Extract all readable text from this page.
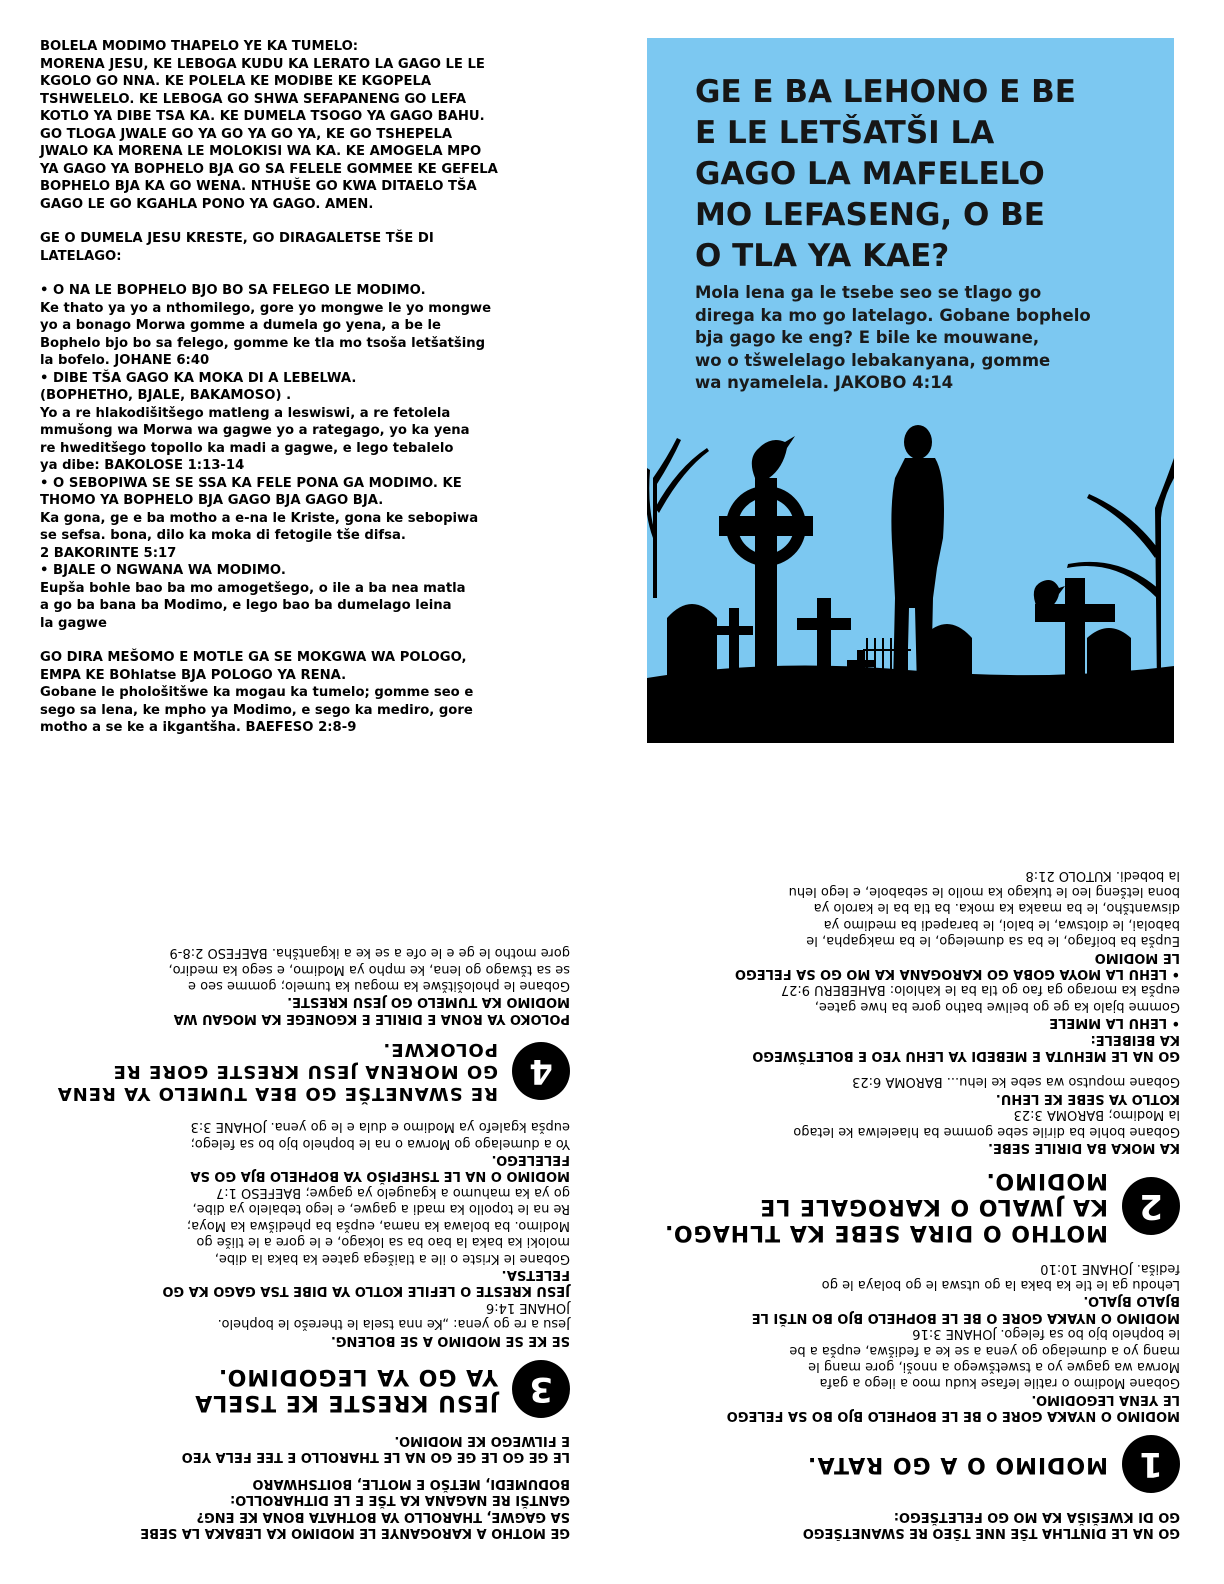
BOLELA MODIMO THAPELO YE KA TUMELO:

MORENA JESU, KE LEBOGA KUDU KA LERATO LA GAGO LE LE
KGOLO GO NNA. KE POLELA KE MODIBE KE KGOPELA
TSHWELELO. KE LEBOGA GO SHWA SEFAPANENG GO LEFA
KOTLO YA DIBE TSA KA. KE DUMELA TSOGO YA GAGO BAHU.
GO TLOGA JWALE GO YA GO YA GO YA, KE GO TSHEPELA
JWALO KA MORENA LE MOLOKISI WA KA. KE AMOGELA MPO
YA GAGO YA BOPHELO BJA GO SA FELELE GOMMEE KE GEFELA
BOPHELO BJA KA GO WENA. NTHUŠE GO KWA DITAELO TŠA
GAGO LE GO KGAHLA PONO YA GAGO. AMEN.

GE O DUMELA JESU KRESTE, GO DIRAGALETSE TŠE DI
LATELAGO:

• O NA LE BOPHELO BJO BO SA FELEGO LE MODIMO.

Ke thato ya yo a nthomilego, gore yo mongwe le yo mongwe
yo a bonago Morwa gomme a dumela go yena, a be le
Bophelo bjo bo sa felego, gomme ke tla mo tsoša letšatšing
la bofelo. JOHANE 6:40

• DIBE TŠA GAGO KA MOKA DI A LEBELWA.
(BOPHETHO, BJALE, BAKAMOSO) .

Yo a re hlakodišitšego matleng a leswiswi, a re fetolela
mmušong wa Morwa wa gagwe yo a rategago, yo ka yena
re hweditšego topollo ka madi a gagwe, e lego tebalelo
ya dibe: BAKOLOSE 1:13-14

• O SEBOPIWA SE SE SSA KA FELE PONA GA MODIMO. KE
THOMO YA BOPHELO BJA GAGO BJA GAGO BJA.

Ka gona, ge e ba motho a e-na le Kriste, gona ke sebopiwa
se sefsa. bona, dilo ka moka di fetogile tše difsa.
2 BAKORINTE 5:17

• BJALE O NGWANA WA MODIMO.

Eupša bohle bao ba mo amogetšego, o ile a ba nea matla
a go ba bana ba Modimo, e lego bao ba dumelago leina
la gagwe

GO DIRA MEŠOMO E MOTLE GA SE MOKGWA WA POLOGO,
EMPA KE BOhlatse BJA POLOGO YA RENA.

Gobane le phološitšwe ka mogau ka tumelo; gomme seo e
sego sa lena, ke mpho ya Modimo, e sego ka mediro, gore
motho a se ke a ikgantšha. BAEFESO 2:8-9

GE E BA LEHONO E BE
E LE LETŠATŠI LA
GAGO LA MAFELELO
MO LEFASENG, O BE
O TLA YA KAE?
Mola lena ga le tsebe seo se tlago go
direga ka mo go latelago. Gobane bophelo
bja gago ke eng? E bile ke mouwane,
wo o tšwelelago lebakanyana, gomme
wa nyamelela. JAKOBO 4:14

GO NA LE DINTLHA TŠE NNE TŠEO RE SWANETŠEGO
GO DI KWEŠIŠA KA MO GO FELETŠEGO:

1
MODIMO O A GO RATA.

MODIMO O NYAKA GORE O BE LE BOPHELO BJO BO SA FELEGO
LE YENA LEGODIMO.

Gobane Modimo o ratile lefase kudu moo a ilego a gafa
Morwa wa gagwe yo a tswetšwego a nnoši, gore mang le
mang yo a dumelago go yena a se ke a fedišwa, eupša a be
le bophelo bjo bo sa felego. JOHANE 3:16

MODIMO O NYAKA GORE O BE LE BOPHELO BJO BO NTŠI LE
BJALO BJALO.

Lehodu ga le tle ka baka la go utswa le go bolaya le go
fediša. JOHANE 10:10

2
MOTHO O DIRA SEBE KA TLHAGO.
KA JWALO O KAROGALE LE MODIMO.

KA MOKA BA DIRILE SEBE.

Gobane bohle ba dirile sebe gomme ba hlaelelwa ke letago
la Modimo; BAROMA 3:23

KOTLO YA SEBE KE LEHU.

Gobane moputso wa sebe ke lehu... BAROMA 6:23

GO NA LE MEHUTA E MEBEDI YA LEHU YEO E BOLETŠWEGO
KA BEIBELE:

• LEHU LA MMELE

Gomme bjalo ka ge go beilwe batho gore ba hwe gatee,
eupša ka morago ga fao go tla ba le kahlolo: BAHEBERU 9:27

• LEHU LA MOYA GOBA GO KAROGANA KA MO GO SA FELEGO
LE MODIMO

Eupša ba boifago, le ba sa dumelego, le ba makgapha, le
babolai, le diotswa, le baloi, le barapedi ba medimo ya
diswantšho, le ba maaka ka moka. ba tla ba le karolo ya
bona letšeng leo le tukago ka mollo le sebabole, e lego lehu
la bobedi. KUTOLO 21:8

GE MOTHO A KAROGANYE LE MODIMO KA LEBAKA LA SEBE
SA GAGWE, THAROLLO YA BOTHATA BONA KE ENG?
GANTŠI RE NAGANA KA TŠE E LE DITHAROLLO:
BODUMEDI, METŠO E MOTLE, BOITSHWARO

LE GE GO LE GE GO NA LE THAROLLO E TEE FELA YEO
E FILWEGO KE MODIMO.

3
JESU KRESTE KE TSELA
YA GO YA LEGODIMO.

SE KE SE MODIMO A SE BOLENG.

Jesu a re go yena: „Ke nna tsela le therešo le bophelo.
JOHANE 14:6

JESU KRESTE O LEFILE KOTLO YA DIBE TSA GAGO KA GO
FELETSA.

Gobane le Kriste o ile a tlaišega gatee ka baka la dibe,
moloki ka baka la bao ba sa lokago, e le gore a le tliše go
Modimo. ba bolawa ka nama, eupša ba phedišwa ka Moya;
Re na le topollo ka madi a gagwe, e lego tebalelo ya dibe,
go ya ka mahumo a kgaugelo ya gagwe; BAEFESO 1:7

MODIMO O NA LE TSHEPIŠO YA BOPHELO BJA GO SA
FELELEGO.

Yo a dumelago go Morwa o na le bophelo bjo bo sa felego;
eupša kgalefo ya Modimo e dula e le go yena. JOHANE 3:3

4
RE SWANETŠE GO BEA TUMELO YA RENA
GO MORENA JESU KRESTE GORE RE POLOKWE.

POLOKO YA RONA E DIRILE E KGONEGE KA MOGAU WA
MODIMO KA TUMELO GO JESU KRESTE.

Gobane le phološitšwe ka mogau ka tumelo; gomme seo e
se sa tšwago go lena, ke mpho ya Modimo, e sego ka mediro,
gore motho le ge e le ofe a se ke a ikgantšha. BAEFESO 2:8-9
